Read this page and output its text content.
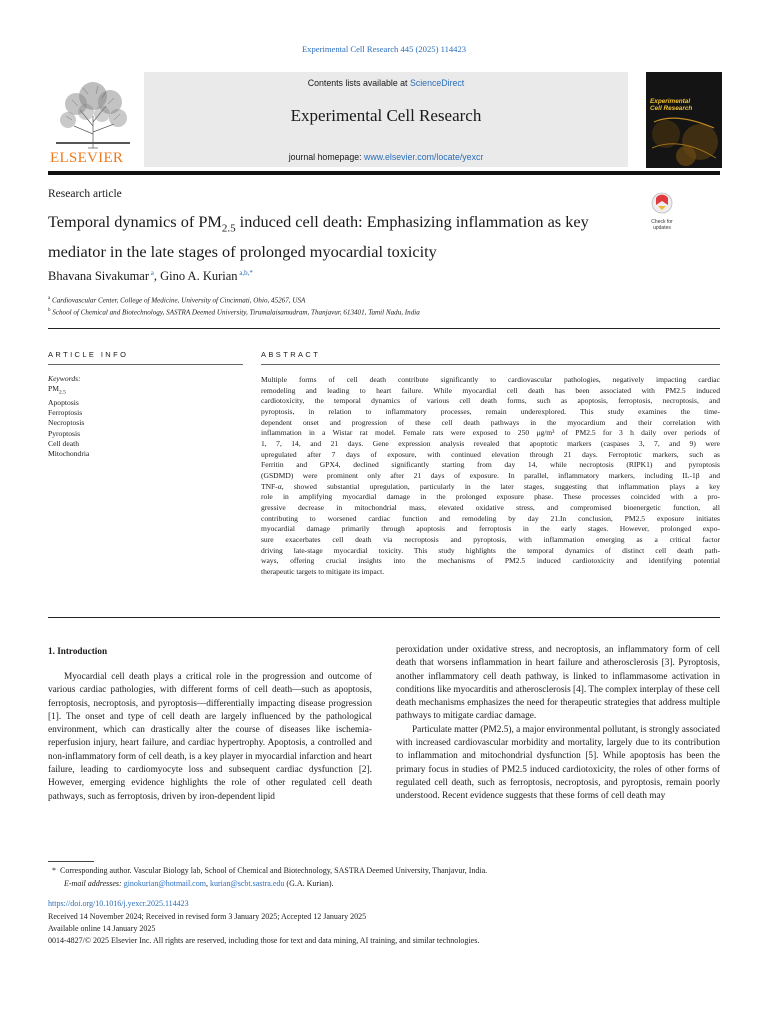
Experimental Cell Research 445 (2025) 114423
ELSEVIER
Contents lists available at ScienceDirect
Experimental Cell Research
journal homepage: www.elsevier.com/locate/yexcr
Experimental
Cell Research
Check for
updates
Research article
Temporal dynamics of $PM_{2.5}$ induced cell death: Emphasizing inflammation as key mediator in the late stages of prolonged myocardial toxicity
Bhavana Sivakumar $^a$, Gino A. Kurian $^{a,b,*}$
$^a$ Cardiovascular Center, College of Medicine, University of Cincinnati, Ohio, 45267, USA
$^b$ School of Chemical and Biotechnology, SASTRA Deemed University, Tirumalaisamudram, Thanjavur, 613401, Tamil Nadu, India
ARTICLE INFO	ABSTRACT
Keywords:
$PM_{2.5}$
Apoptosis
Ferroptosis
Necroptosis
Pyroptosis
Cell death
Mitochondria
Multiple forms of cell death contribute significantly to cardiovascular pathologies, negatively impacting cardiac
remodeling and leading to heart failure. While myocardial cell death has been associated with PM2.5 induced
cardiotoxicity, the temporal dynamics of various cell death forms, such as apoptosis, ferroptosis, necroptosis, and
pyroptosis, in relation to inflammatory processes, remain underexplored. This study examines the time-
dependent onset and progression of these cell death pathways in the myocardium and their correlation with
inflammation in a Wistar rat model. Female rats were exposed to 250 μg/m³ of PM2.5 for 3 h daily over periods of
1, 7, 14, and 21 days. Gene expression analysis revealed that apoptotic markers (caspases 3, 7, and 9) were
upregulated after 7 days of exposure, with continued elevation through 21 days. Ferroptotic markers, such as
Ferritin and GPX4, declined significantly starting from day 14, while necroptosis (RIPK1) and pyroptosis
(GSDMD) were prominent only after 21 days of exposure. In parallel, inflammatory markers, including IL-1β and
TNF-α, showed substantial upregulation, particularly in the later stages, suggesting that inflammation plays a key
role in amplifying myocardial damage in the prolonged exposure phase. These processes coincided with a pro-
gressive decrease in mitochondrial mass, elevated oxidative stress, and compromised bioenergetic function, all
contributing to worsened cardiac function and remodeling by day 21.In conclusion, PM2.5 exposure initiates
myocardial damage primarily through apoptosis and ferroptosis in the early stages. However, prolonged expo-
sure exacerbates cell death via necroptosis and pyroptosis, with inflammation emerging as a critical factor
driving late-stage myocardial toxicity. This study highlights the temporal dynamics of distinct cell death path-
ways, offering crucial insights into the mechanisms of PM2.5 induced cardiotoxicity and identifying potential
therapeutic targets to mitigate its impact.
1. Introduction

Myocardial cell death plays a critical role in the progression and outcome of various cardiac pathologies, with different forms of cell death—such as apoptosis, ferroptosis, necroptosis, and pyroptosis—differentially impacting disease progression [1]. The onset and type of cell death are largely influenced by the pathological environment, which can drastically alter the course of diseases like ischemia-reperfusion injury, heart failure, and cardiac hypertrophy. Apoptosis, a controlled and non-inflammatory form of cell death, is a key player in myocardial infarction and heart failure, leading to cardiomyocyte loss and subsequent cardiac dysfunction [2]. However, emerging evidence highlights the role of other regulated cell death pathways, such as ferroptosis, driven by iron-dependent lipid

peroxidation under oxidative stress, and necroptosis, an inflammatory form of cell death that worsens inflammation in heart failure and atherosclerosis [3]. Pyroptosis, another inflammatory cell death pathway, is linked to inflammasome activation in conditions like myocarditis and atherosclerosis [4]. The complex interplay of these cell death mechanisms emphasizes the need for therapeutic strategies that address multiple pathways to mitigate cardiac damage.

Particulate matter (PM2.5), a major environmental pollutant, is strongly associated with increased cardiovascular morbidity and mortality, largely due to its contribution to inflammation and mitochondrial dysfunction [5]. While apoptosis has been the primary focus in studies of PM2.5 induced cardiotoxicity, the roles of other forms of regulated cell death, such as ferroptosis, necroptosis, and pyroptosis, remain poorly understood. Recent evidence suggests that these forms of cell death may

* Corresponding author. Vascular Biology lab, School of Chemical and Biotechnology, SASTRA Deemed University, Thanjavur, India.
E-mail addresses: ginokurian@hotmail.com, kurian@scbt.sastra.edu (G.A. Kurian).
https://doi.org/10.1016/j.yexcr.2025.114423
Received 14 November 2024; Received in revised form 3 January 2025; Accepted 12 January 2025
Available online 14 January 2025
0014-4827/© 2025 Elsevier Inc. All rights are reserved, including those for text and data mining, AI training, and similar technologies.
